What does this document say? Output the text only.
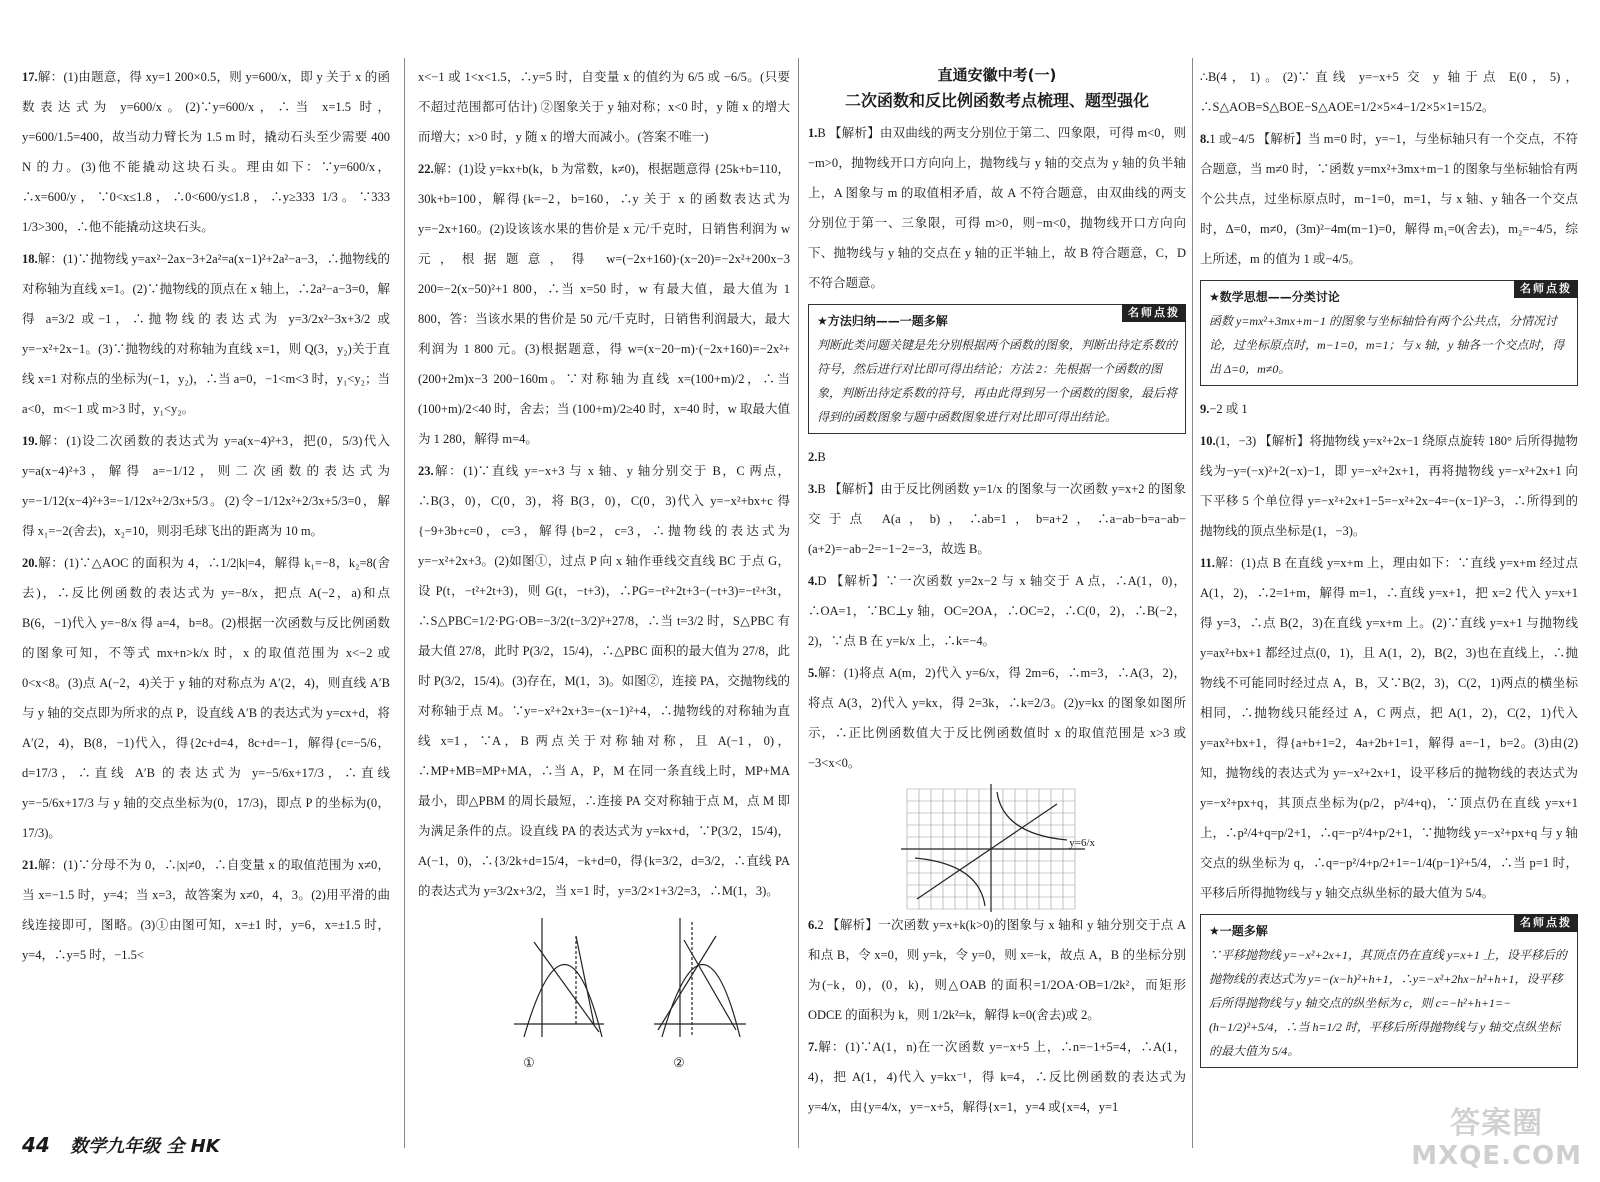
17.解：(1)由题意，得 xy=1 200×0.5，则 y=600/x，即 y 关于 x 的函数表达式为 y=600/x。(2)∵y=600/x，∴当 x=1.5 时，y=600/1.5=400，故当动力臂长为 1.5 m 时，撬动石头至少需要 400 N 的力。(3)他不能撬动这块石头。理由如下：∵y=600/x，∴x=600/y，∵0<x≤1.8，∴0<600/y≤1.8，∴y≥333 1/3。∵333 1/3>300，∴他不能撬动这块石头。

18.解：(1)∵抛物线 y=ax²−2ax−3+2a²=a(x−1)²+2a²−a−3，∴抛物线的对称轴为直线 x=1。(2)∵抛物线的顶点在 x 轴上，∴2a²−a−3=0，解得 a=3/2 或−1，∴抛物线的表达式为 y=3/2x²−3x+3/2 或 y=−x²+2x−1。(3)∵抛物线的对称轴为直线 x=1，则 Q(3，y₂)关于直线 x=1 对称点的坐标为(−1，y₂)，∴当 a=0，−1<m<3 时，y₁<y₂；当 a<0，m<−1 或 m>3 时，y₁<y₂。

19.解：(1)设二次函数的表达式为 y=a(x−4)²+3，把(0，5/3)代入 y=a(x−4)²+3，解得 a=−1/12，则二次函数的表达式为 y=−1/12(x−4)²+3=−1/12x²+2/3x+5/3。(2)令−1/12x²+2/3x+5/3=0，解得 x₁=−2(舍去)，x₂=10，则羽毛球飞出的距离为 10 m。

20.解：(1)∵△AOC 的面积为 4，∴1/2|k|=4，解得 k₁=−8，k₂=8(舍去)，∴反比例函数的表达式为 y=−8/x，把点 A(−2，a)和点 B(6，−1)代入 y=−8/x 得 a=4，b=8。(2)根据一次函数与反比例函数的图象可知，不等式 mx+n>k/x 时，x 的取值范围为 x<−2 或 0<x<8。(3)点 A(−2，4)关于 y 轴的对称点为 A′(2，4)，则直线 A′B 与 y 轴的交点即为所求的点 P，设直线 A′B 的表达式为 y=cx+d，将 A′(2，4)，B(8，−1)代入，得{2c+d=4，8c+d=−1，解得{c=−5/6，d=17/3，∴直线 A′B 的表达式为 y=−5/6x+17/3，∴直线 y=−5/6x+17/3 与 y 轴的交点坐标为(0，17/3)，即点 P 的坐标为(0，17/3)。

21.解：(1)∵分母不为 0，∴|x|≠0，∴自变量 x 的取值范围为 x≠0，当 x=−1.5 时，y=4；当 x=3，故答案为 x≠0，4，3。(2)用平滑的曲线连接即可，图略。(3)①由图可知，x=±1 时，y=6，x=±1.5 时，y=4，∴y=5 时，−1.5<

x<−1 或 1<x<1.5，∴y=5 时，自变量 x 的值约为 6/5 或 −6/5。(只要不超过范围都可估计) ②图象关于 y 轴对称；x<0 时，y 随 x 的增大而增大；x>0 时，y 随 x 的增大而减小。(答案不唯一)

22.解：(1)设 y=kx+b(k，b 为常数，k≠0)，根据题意得 {25k+b=110，30k+b=100，解得{k=−2，b=160，∴y 关于 x 的函数表达式为 y=−2x+160。(2)设该该水果的售价是 x 元/千克时，日销售利润为 w 元，根据题意，得 w=(−2x+160)·(x−20)=−2x²+200x−3 200=−2(x−50)²+1 800，∴当 x=50 时，w 有最大值，最大值为 1 800，答：当该水果的售价是 50 元/千克时，日销售利润最大，最大利润为 1 800 元。(3)根据题意，得 w=(x−20−m)·(−2x+160)=−2x²+(200+2m)x−3 200−160m。∵对称轴为直线 x=(100+m)/2，∴当 (100+m)/2<40 时，舍去；当 (100+m)/2≥40 时，x=40 时，w 取最大值为 1 280，解得 m=4。

23.解：(1)∵直线 y=−x+3 与 x 轴、y 轴分别交于 B，C 两点，∴B(3，0)，C(0，3)，将 B(3，0)，C(0，3)代入 y=−x²+bx+c 得{−9+3b+c=0，c=3，解得{b=2，c=3，∴抛物线的表达式为 y=−x²+2x+3。(2)如图①，过点 P 向 x 轴作垂线交直线 BC 于点 G，设 P(t，−t²+2t+3)，则 G(t，−t+3)，∴PG=−t²+2t+3−(−t+3)=−t²+3t，∴S△PBC=1/2·PG·OB=−3/2(t−3/2)²+27/8，∴当 t=3/2 时，S△PBC 有最大值 27/8，此时 P(3/2，15/4)，∴△PBC 面积的最大值为 27/8，此时 P(3/2，15/4)。(3)存在，M(1，3)。如图②，连接 PA，交抛物线的对称轴于点 M。∵y=−x²+2x+3=−(x−1)²+4，∴抛物线的对称轴为直线 x=1，∵A，B 两点关于对称轴对称，且 A(−1，0)，∴MP+MB=MP+MA，∴当 A，P，M 在同一条直线上时，MP+MA 最小，即△PBM 的周长最短，∴连接 PA 交对称轴于点 M，点 M 即为满足条件的点。设直线 PA 的表达式为 y=kx+d，∵P(3/2，15/4)，A(−1，0)，∴{3/2k+d=15/4，−k+d=0，得{k=3/2，d=3/2，∴直线 PA 的表达式为 y=3/2x+3/2，当 x=1 时，y=3/2×1+3/2=3，∴M(1，3)。

①	②
直通安徽中考(一)
二次函数和反比例函数考点梳理、题型强化

1.B 【解析】由双曲线的两支分别位于第二、四象限，可得 m<0，则−m>0，抛物线开口方向向上，抛物线与 y 轴的交点为 y 轴的负半轴上，A 图象与 m 的取值相矛盾，故 A 不符合题意，由双曲线的两支分别位于第一、三象限，可得 m>0，则−m<0，抛物线开口方向向下、抛物线与 y 轴的交点在 y 轴的正半轴上，故 B 符合题意，C，D 不符合题意。

名师点拨
★方法归纳——一题多解
判断此类问题关键是先分别根据两个函数的图象，判断出待定系数的符号，然后进行对比即可得出结论；方法 2：先根据一个函数的图象，判断出待定系数的符号，再由此得到另一个函数的图象，最后将得到的函数图象与题中函数图象进行对比即可得出结论。

2.B

3.B 【解析】由于反比例函数 y=1/x 的图象与一次函数 y=x+2 的图象交于点 A(a，b)，∴ab=1，b=a+2，∴a−ab−b=a−ab−(a+2)=−ab−2=−1−2=−3，故选 B。

4.D 【解析】∵一次函数 y=2x−2 与 x 轴交于 A 点，∴A(1，0)，∴OA=1，∵BC⊥y 轴，OC=2OA，∴OC=2，∴C(0，2)，∴B(−2，2)，∵点 B 在 y=k/x 上，∴k=−4。

5.解：(1)将点 A(m，2)代入 y=6/x，得 2m=6，∴m=3，∴A(3，2)，将点 A(3，2)代入 y=kx，得 2=3k，∴k=2/3。(2)y=kx 的图象如图所示，∴正比例函数值大于反比例函数值时 x 的取值范围是 x>3 或−3<x<0。

y=6/x

6.2 【解析】一次函数 y=x+k(k>0)的图象与 x 轴和 y 轴分别交于点 A 和点 B，令 x=0，则 y=k，令 y=0，则 x=−k，故点 A，B 的坐标分别为(−k，0)，(0，k)，则△OAB 的面积=1/2OA·OB=1/2k²，而矩形 ODCE 的面积为 k，则 1/2k²=k，解得 k=0(舍去)或 2。

7.解：(1)∵A(1，n)在一次函数 y=−x+5 上，∴n=−1+5=4，∴A(1，4)，把 A(1，4)代入 y=kx⁻¹，得 k=4，∴反比例函数的表达式为 y=4/x，由{y=4/x，y=−x+5，解得{x=1，y=4 或{x=4，y=1

∴B(4，1)。(2)∵直线 y=−x+5 交 y 轴于点 E(0，5)，∴S△AOB=S△BOE−S△AOE=1/2×5×4−1/2×5×1=15/2。

8.1 或−4/5 【解析】当 m=0 时，y=−1，与坐标轴只有一个交点，不符合题意，当 m≠0 时，∵函数 y=mx²+3mx+m−1 的图象与坐标轴恰有两个公共点，过坐标原点时，m−1=0，m=1，与 x 轴、y 轴各一个交点时，Δ=0，m≠0，(3m)²−4m(m−1)=0，解得 m₁=0(舍去)，m₂=−4/5，综上所述，m 的值为 1 或−4/5。

名师点拨
★数学思想——分类讨论
函数 y=mx²+3mx+m−1 的图象与坐标轴恰有两个公共点，分情况讨论，过坐标原点时，m−1=0，m=1；与 x 轴，y 轴各一个交点时，得出 Δ=0，m≠0。

9.−2 或 1

10.(1，−3) 【解析】将抛物线 y=x²+2x−1 绕原点旋转 180° 后所得抛物线为−y=(−x)²+2(−x)−1，即 y=−x²+2x+1，再将抛物线 y=−x²+2x+1 向下平移 5 个单位得 y=−x²+2x+1−5=−x²+2x−4=−(x−1)²−3，∴所得到的抛物线的顶点坐标是(1，−3)。

11.解：(1)点 B 在直线 y=x+m 上，理由如下：∵直线 y=x+m 经过点 A(1，2)，∴2=1+m，解得 m=1，∴直线 y=x+1，把 x=2 代入 y=x+1 得 y=3，∴点 B(2，3)在直线 y=x+m 上。(2)∵直线 y=x+1 与抛物线 y=ax²+bx+1 都经过点(0，1)，且 A(1，2)，B(2，3)也在直线上，∴抛物线不可能同时经过点 A，B，又∵B(2，3)，C(2，1)两点的横坐标相同，∴抛物线只能经过 A，C 两点，把 A(1，2)，C(2，1)代入 y=ax²+bx+1，得{a+b+1=2，4a+2b+1=1，解得 a=−1，b=2。(3)由(2)知，抛物线的表达式为 y=−x²+2x+1，设平移后的抛物线的表达式为 y=−x²+px+q，其顶点坐标为(p/2，p²/4+q)，∵顶点仍在直线 y=x+1 上，∴p²/4+q=p/2+1，∴q=−p²/4+p/2+1，∵抛物线 y=−x²+px+q 与 y 轴交点的纵坐标为 q，∴q=−p²/4+p/2+1=−1/4(p−1)²+5/4，∴当 p=1 时，平移后所得抛物线与 y 轴交点纵坐标的最大值为 5/4。

名师点拨
★一题多解
∵平移抛物线 y=−x²+2x+1，其顶点仍在直线 y=x+1 上，设平移后的抛物线的表达式为 y=−(x−h)²+h+1，∴y=−x²+2hx−h²+h+1，设平移后所得抛物线与 y 轴交点的纵坐标为 c，则 c=−h²+h+1=−(h−1/2)²+5/4，∴当 h=1/2 时，平移后所得抛物线与 y 轴交点纵坐标的最大值为 5/4。
44 数学九年级 全 HK
答案圈
MXQE.COM
